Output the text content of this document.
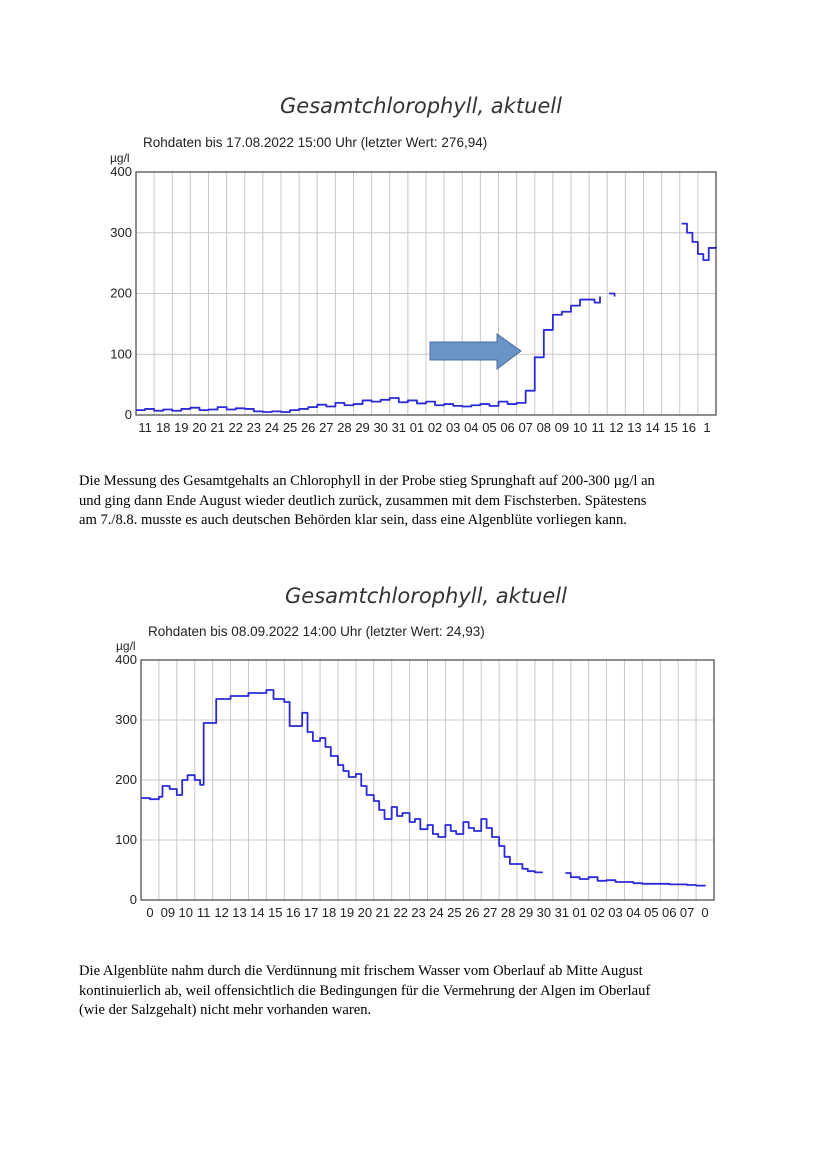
Gesamtchlorophyll, aktuell
Rohdaten bis 17.08.2022 15:00 Uhr (letzter Wert: 276,94)
µg/l
0
100
200
300
400
11 18 19 20 21 22 23 24 25 26 27 28 29 30 31 01 02 03 04 05 06 07 08 09 10 11 12 13 14 15 16 1
Die Messung des Gesamtgehalts an Chlorophyll in der Probe stieg Sprunghaft auf 200-300 µg/l an
und ging dann Ende August wieder deutlich zurück, zusammen mit dem Fischsterben. Spätestens
am 7./8.8. musste es auch deutschen Behörden klar sein, dass eine Algenblüte vorliegen kann.
Gesamtchlorophyll, aktuell
Rohdaten bis 08.09.2022 14:00 Uhr (letzter Wert: 24,93)
µg/l
0
100
200
300
400
0 09 10 11 12 13 14 15 16 17 18 19 20 21 22 23 24 25 26 27 28 29 30 31 01 02 03 04 05 06 07 0
Die Algenblüte nahm durch die Verdünnung mit frischem Wasser vom Oberlauf ab Mitte August
kontinuierlich ab, weil offensichtlich die Bedingungen für die Vermehrung der Algen im Oberlauf
(wie der Salzgehalt) nicht mehr vorhanden waren.
